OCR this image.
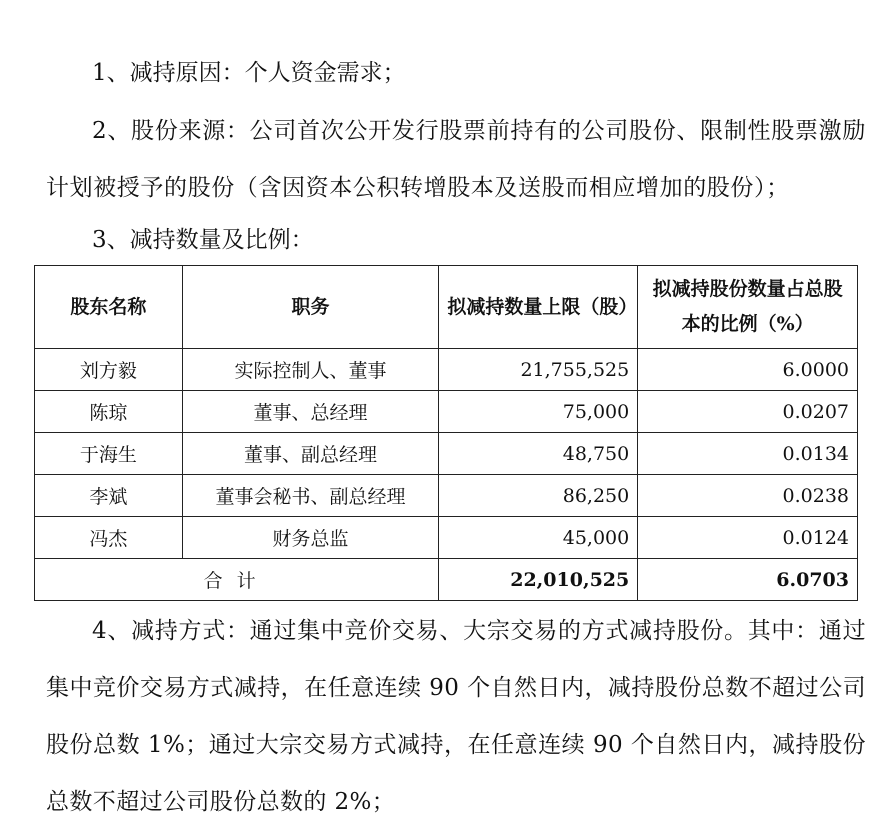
1、减持原因：个人资金需求；

2、股份来源：公司首次公开发行股票前持有的公司股份、限制性股票激励计划被授予的股份（含因资本公积转增股本及送股而相应增加的股份）；

3、减持数量及比例：

股东名称	职务	拟减持数量上限（股）	拟减持股份数量占总股本的比例（%）
刘方毅	实际控制人、董事	21,755,525	6.0000
陈琼	董事、总经理	75,000	0.0207
于海生	董事、副总经理	48,750	0.0134
李斌	董事会秘书、副总经理	86,250	0.0238
冯杰	财务总监	45,000	0.0124
合计		22,010,525	6.0703

4、减持方式：通过集中竞价交易、大宗交易的方式减持股份。其中：通过集中竞价交易方式减持，在任意连续 90 个自然日内，减持股份总数不超过公司股份总数 1%；通过大宗交易方式减持，在任意连续 90 个自然日内，减持股份总数不超过公司股份总数的 2%；
